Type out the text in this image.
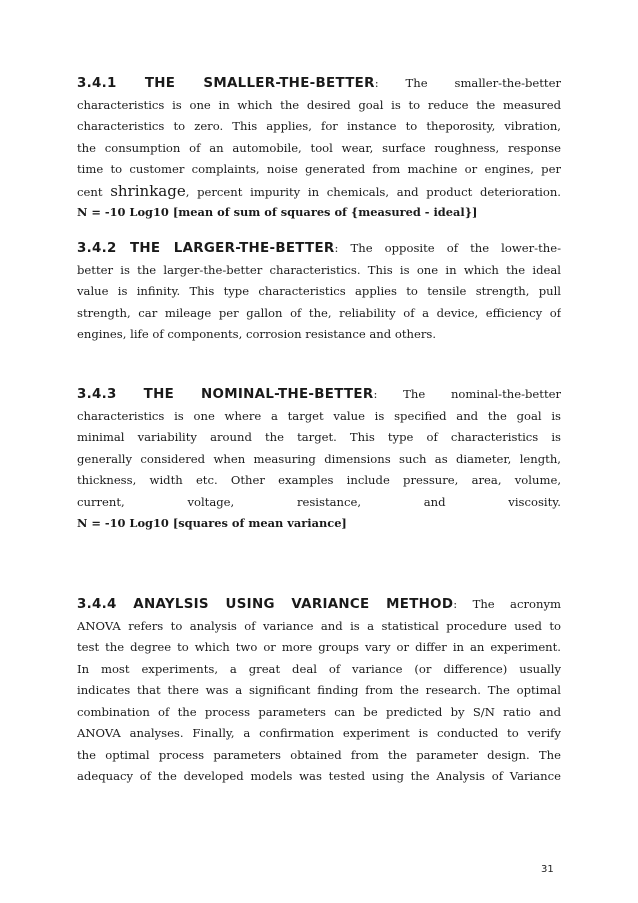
3.4.1 THE SMALLER-THE-BETTER: The smaller-the-better
characteristics is one in which the desired goal is to reduce the measured
characteristics to zero. This applies, for instance to theporosity, vibration,
the consumption of an automobile, tool wear, surface roughness, response
time to customer complaints, noise generated from machine or engines, per
cent shrinkage, percent impurity in chemicals, and product deterioration.
N = -10 Log10 [mean of sum of squares of {measured - ideal}]
3.4.2 THE LARGER-THE-BETTER: The opposite of the lower-the-
better is the larger-the-better characteristics. This is one in which the ideal
value is infinity. This type characteristics applies to tensile strength, pull
strength, car mileage per gallon of the, reliability of a device, efficiency of
engines, life of components, corrosion resistance and others.
3.4.3 THE NOMINAL-THE-BETTER: The nominal-the-better
characteristics is one where a target value is specified and the goal is
minimal variability around the target. This type of characteristics is
generally considered when measuring dimensions such as diameter, length,
thickness, width etc. Other examples include pressure, area, volume,
current, voltage, resistance, and viscosity.
N = -10 Log10 [squares of mean variance]
3.4.4 ANAYLSIS USING VARIANCE METHOD: The acronym
ANOVA refers to analysis of variance and is a statistical procedure used to
test the degree to which two or more groups vary or differ in an experiment.
In most experiments, a great deal of variance (or difference) usually
indicates that there was a significant finding from the research. The optimal
combination of the process parameters can be predicted by S/N ratio and
ANOVA analyses. Finally, a confirmation experiment is conducted to verify
the optimal process parameters obtained from the parameter design. The
adequacy of the developed models was tested using the Analysis of Variance
31
